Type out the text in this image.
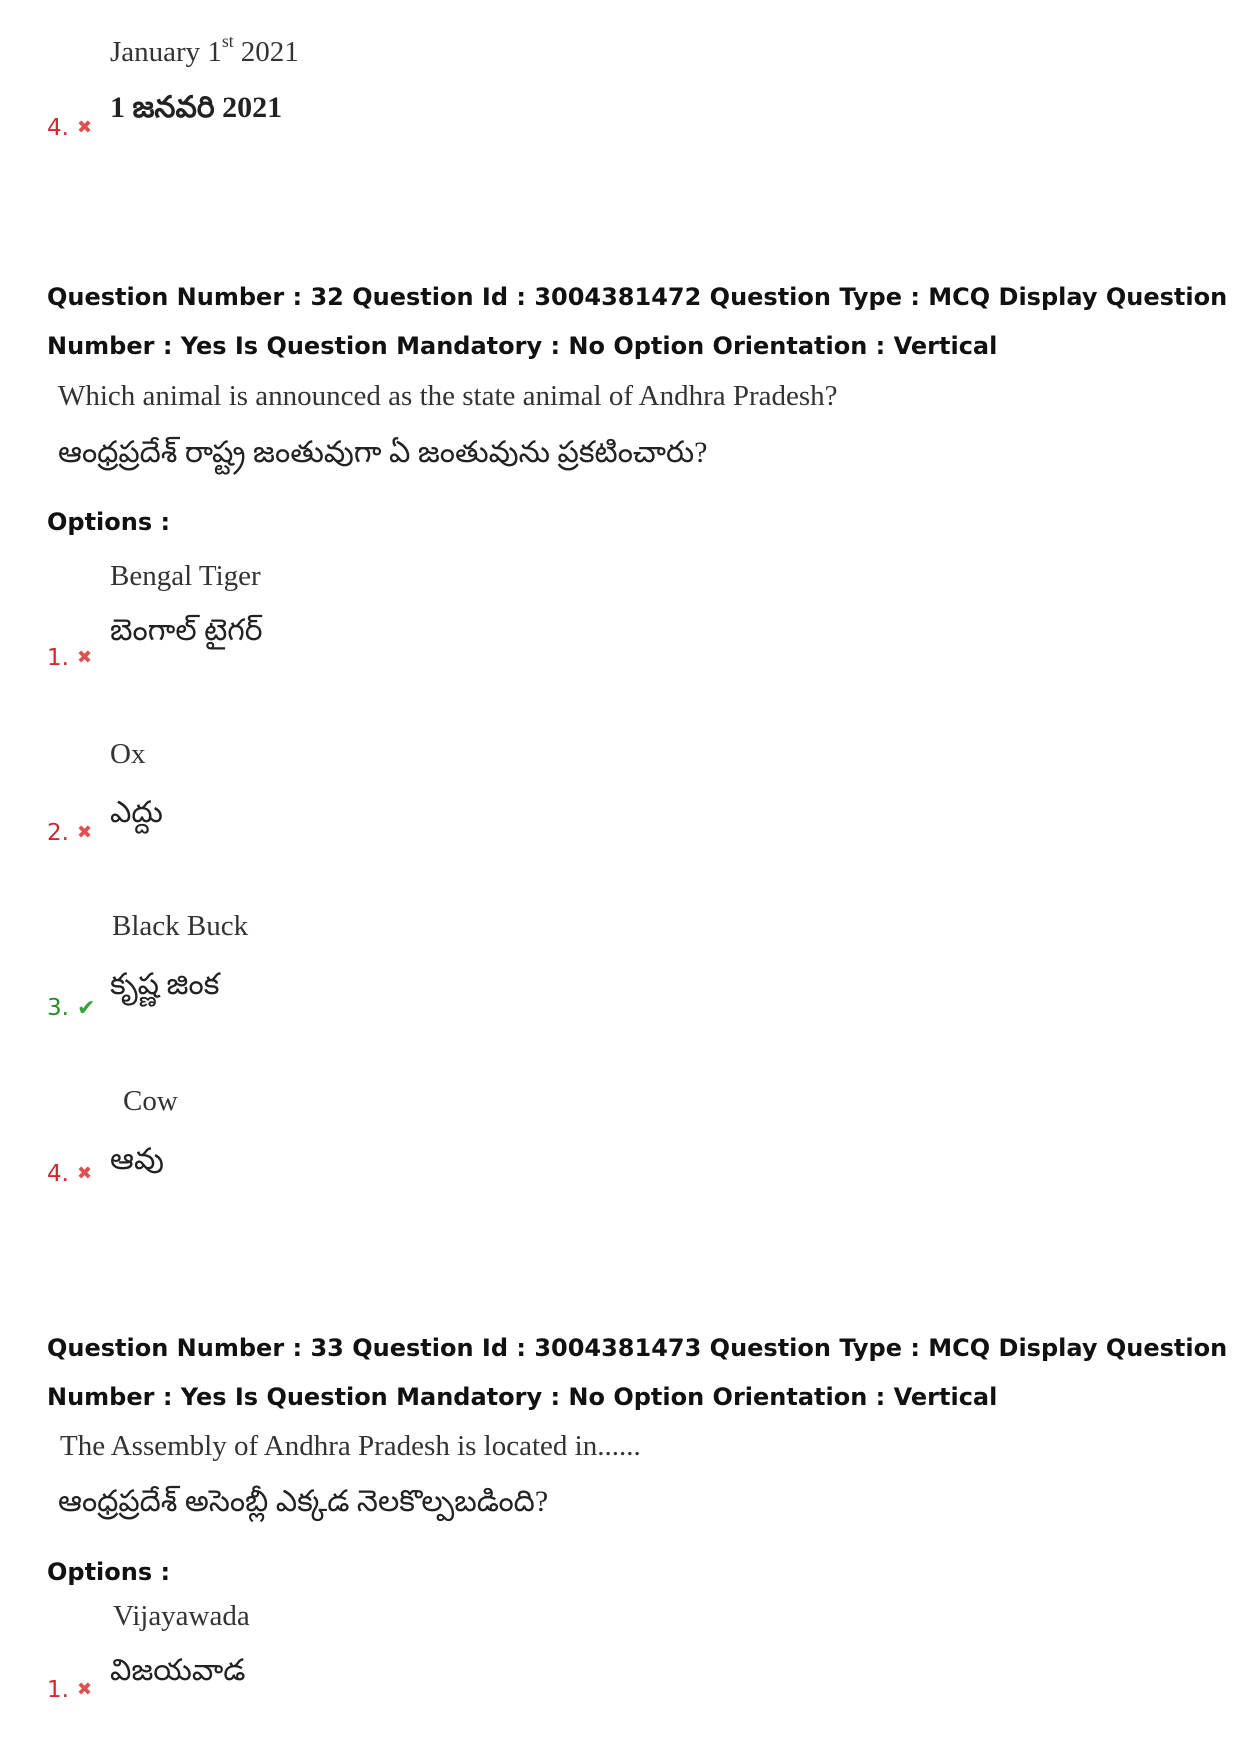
January 1st 2021
1 జనవరి 2021
4. ✖
Question Number : 32 Question Id : 3004381472 Question Type : MCQ Display Question
Number : Yes Is Question Mandatory : No Option Orientation : Vertical
Which animal is announced as the state animal of Andhra Pradesh?
ఆంధ్రప్రదేశ్ రాష్ట్ర జంతువుగా ఏ జంతువును ప్రకటించారు?
Options :
Bengal Tiger
బెంగాల్ టైగర్
1. ✖
Ox
ఎద్దు
2. ✖
Black Buck
కృష్ణ జింక
3. ✔
Cow
ఆవు
4. ✖
Question Number : 33 Question Id : 3004381473 Question Type : MCQ Display Question
Number : Yes Is Question Mandatory : No Option Orientation : Vertical
The Assembly of Andhra Pradesh is located in......
ఆంధ్రప్రదేశ్ అసెంబ్లీ ఎక్కడ నెలకొల్పబడింది?
Options :
Vijayawada
విజయవాడ
1. ✖
